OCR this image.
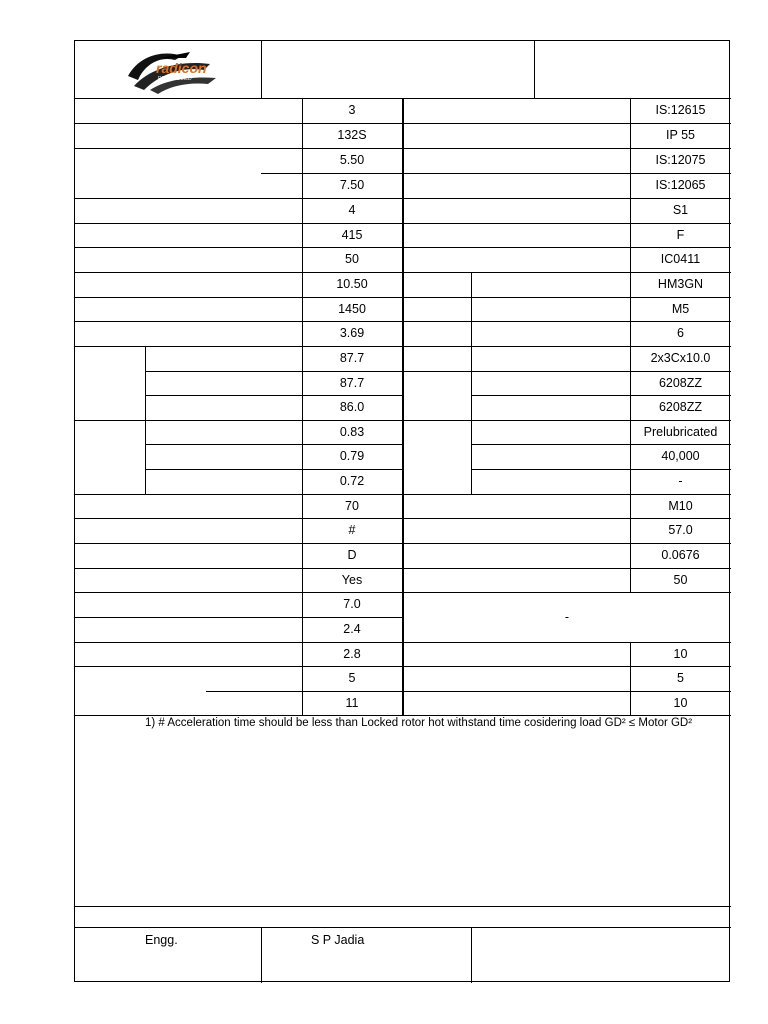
radicon
POWERBUILD
1) # Acceleration time should be less than Locked rotor hot withstand time cosidering load GD² ≤ Motor GD²
Engg.	S P Jadia
3
132S
5.50
7.50
4
415
50
10.50
1450
3.69
87.7
87.7
86.0
0.83
0.79
0.72
70
#
D
Yes
7.0
2.4
2.8
5
11
IS:12615
IP 55
IS:12075
IS:12065
S1
F
IC0411
HM3GN
M5
6
2x3Cx10.0
6208ZZ
6208ZZ
Prelubricated
40,000
-
M10
57.0
0.0676
50
-
10
5
10
